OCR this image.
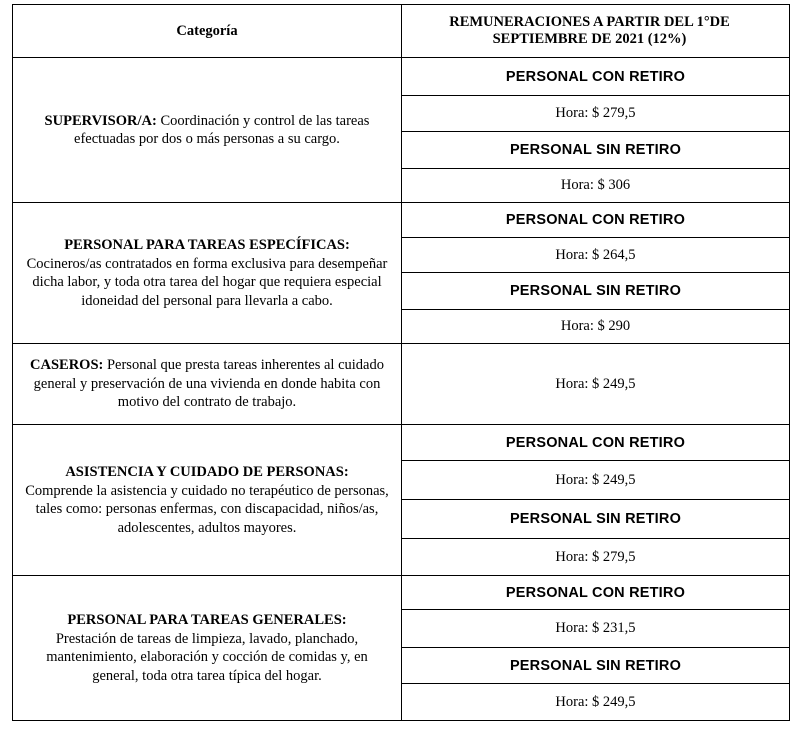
Categoría	REMUNERACIONES A PARTIR DEL 1°DE
SEPTIEMBRE DE 2021 (12%)

SUPERVISOR/A: Coordinación y control de las tareas efectuadas por dos o más personas a su cargo.	PERSONAL CON RETIRO
	Hora: $ 279,5
	PERSONAL SIN RETIRO
	Hora: $ 306

PERSONAL PARA TAREAS ESPECÍFICAS:
Cocineros/as contratados en forma exclusiva para desempeñar dicha labor, y toda otra tarea del hogar que requiera especial idoneidad del personal para llevarla a cabo.	PERSONAL CON RETIRO
	Hora: $ 264,5
	PERSONAL SIN RETIRO
	Hora: $ 290
CASEROS: Personal que presta tareas inherentes al cuidado general y preservación de una vivienda en donde habita con motivo del contrato de trabajo.	Hora: $ 249,5

ASISTENCIA Y CUIDADO DE PERSONAS:
Comprende la asistencia y cuidado no terapéutico de personas, tales como: personas enfermas, con discapacidad, niños/as, adolescentes, adultos mayores.	PERSONAL CON RETIRO
	Hora: $ 249,5
	PERSONAL SIN RETIRO
	Hora: $ 279,5

PERSONAL PARA TAREAS GENERALES:
Prestación de tareas de limpieza, lavado, planchado, mantenimiento, elaboración y cocción de comidas y, en general, toda otra tarea típica del hogar.	PERSONAL CON RETIRO
	Hora: $ 231,5
	PERSONAL SIN RETIRO
	Hora: $ 249,5
